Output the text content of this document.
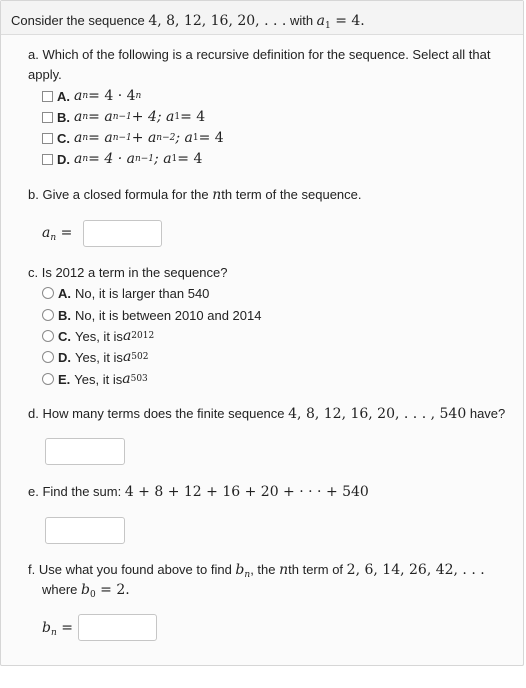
Consider the sequence 4, 8, 12, 16, 20, . . . with $a_1 = 4$.
a. Which of the following is a recursive definition for the sequence. Select all that apply.
A. a n = 4 · 4 n
B. a n = a n−1 + 4; a 1 = 4
C. a n = a n−1 + a n−2 ; a 1 = 4
D. a n = 4 · a n−1 ; a 1 = 4
b. Give a closed formula for the nth term of the sequence.
$a_n$ =
c. Is 2012 a term in the sequence?
A. No, it is larger than 540
B. No, it is between 2010 and 2014
C. Yes, it is a 2012
D. Yes, it is a 502
E. Yes, it is a 503
d. How many terms does the finite sequence 4, 8, 12, 16, 20, . . . , 540 have?
e. Find the sum: 4 + 8 + 12 + 16 + 20 + · · · + 540
f. Use what you found above to find $b_n$, the nth term of 2, 6, 14, 26, 42, . . .
where $b_0 = 2$.
$b_n$ =
